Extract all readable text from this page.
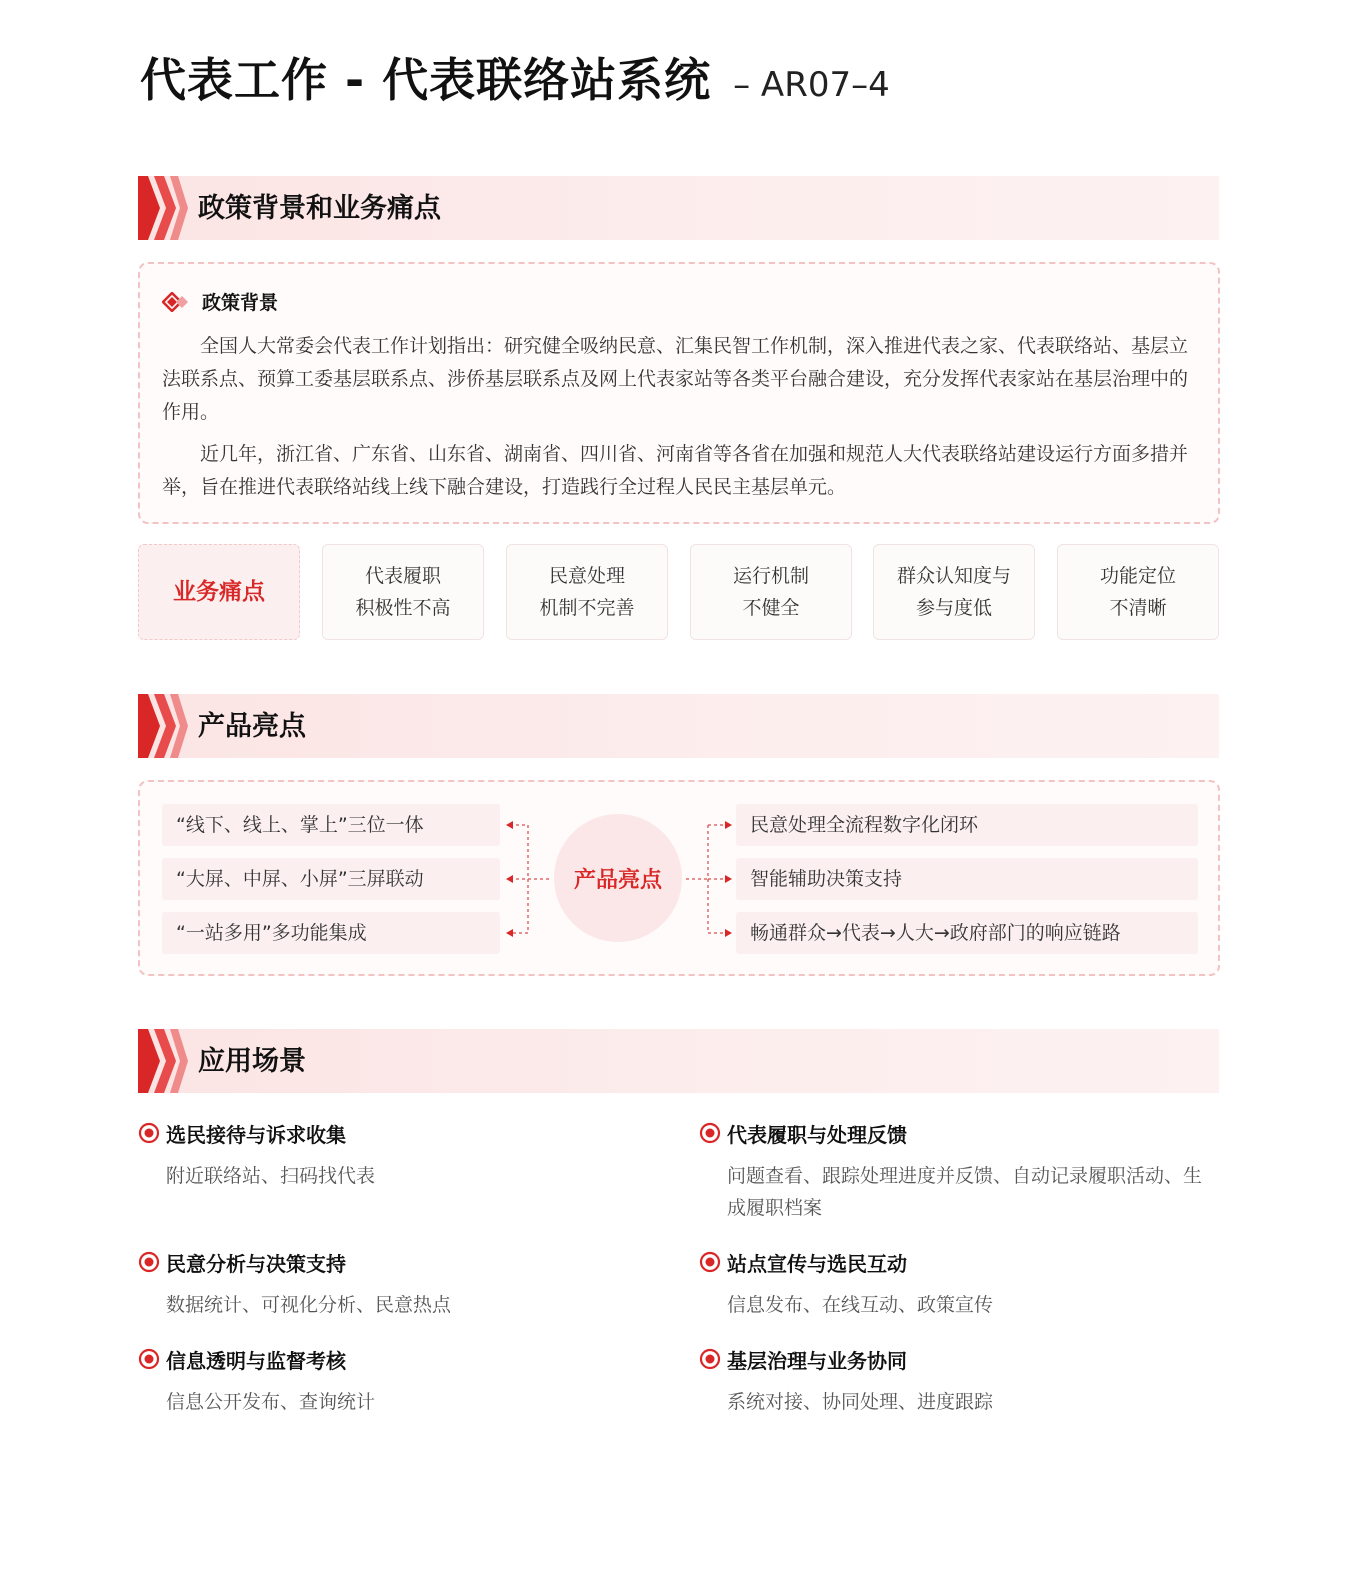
代表工作 - 代表联络站系统 – AR07–4
政策背景和业务痛点
政策背景

全国人大常委会代表工作计划指出：研究健全吸纳民意、汇集民智工作机制，深入推进代表之家、代表联络站、基层立法联系点、预算工委基层联系点、涉侨基层联系点及网上代表家站等各类平台融合建设，充分发挥代表家站在基层治理中的作用。

近几年，浙江省、广东省、山东省、湖南省、四川省、河南省等各省在加强和规范人大代表联络站建设运行方面多措并举，旨在推进代表联络站线上线下融合建设，打造践行全过程人民民主基层单元。

业务痛点
代表履职
积极性不高
民意处理
机制不完善
运行机制
不健全
群众认知度与
参与度低
功能定位
不清晰
产品亮点
“线下、线上、掌上”三位一体
“大屏、中屏、小屏”三屏联动
“一站多用”多功能集成
产品亮点
民意处理全流程数字化闭环
智能辅助决策支持
畅通群众→代表→人大→政府部门的响应链路
应用场景
选民接待与诉求收集
附近联络站、扫码找代表
代表履职与处理反馈
问题查看、跟踪处理进度并反馈、自动记录履职活动、生成履职档案
民意分析与决策支持
数据统计、可视化分析、民意热点
站点宣传与选民互动
信息发布、在线互动、政策宣传
信息透明与监督考核
信息公开发布、查询统计
基层治理与业务协同
系统对接、协同处理、进度跟踪
